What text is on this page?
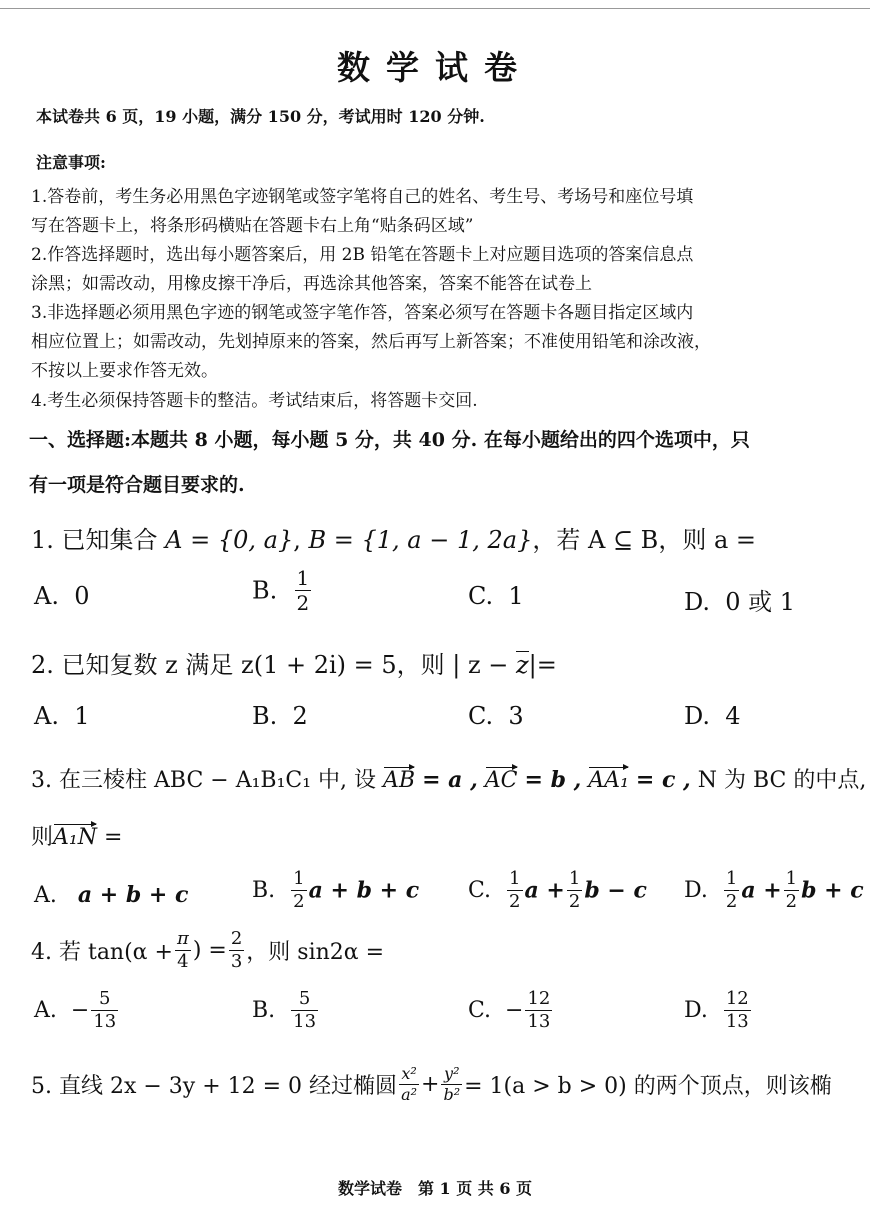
数学试卷
本试卷共 6 页，19 小题，满分 150 分，考试用时 120 分钟.
注意事项:
1.答卷前，考生务必用黑色字迹钢笔或签字笔将自己的姓名、考生号、考场号和座位号填
写在答题卡上，将条形码横贴在答题卡右上角“贴条码区域”
2.作答选择题时，选出每小题答案后，用 2B 铅笔在答题卡上对应题目选项的答案信息点
涂黑；如需改动，用橡皮擦干净后，再选涂其他答案，答案不能答在试卷上
3.非选择题必须用黑色字迹的钢笔或签字笔作答，答案必须写在答题卡各题目指定区域内
相应位置上；如需改动，先划掉原来的答案，然后再写上新答案；不准使用铅笔和涂改液，
不按以上要求作答无效。
4.考生必须保持答题卡的整洁。考试结束后，将答题卡交回.
一、选择题:本题共 8 小题，每小题 5 分，共 40 分. 在每小题给出的四个选项中，只
有一项是符合题目要求的.
1. 已知集合 A = {0, a}, B = {1, a − 1, 2a}，若 A ⊆ B，则 a =
A. 0	B. $\frac{1}{2}$	C. 1	D. 0 或 1
2. 已知复数 z 满足 z(1 + 2i) = 5，则 | z − z|=
A. 1	B. 2	C. 3	D. 4
3. 在三棱柱 ABC − A₁B₁C₁ 中, 设 AB = a , AC = b , AA₁ = c , N 为 BC 的中点,
则A₁N =
A. a + b + c	B. $\frac{1}{2}$ a + b + c C. $\frac{1}{2}$ $a + \frac{1}{2}$ b − c D. $\frac{1}{2}$ $a + \frac{1}{2}$ b + c
4. 若 $\tan(\alpha + \frac{\pi}{4}$ ) = $\frac{2}{3}$ ，则 sin2α =
A. − $\frac{5}{13}$	B. $\frac{5}{13}$	C. − $\frac{12}{13}$	D. $\frac{12}{13}$
5. 直线 2x − 3y + 12 = 0 经过椭圆 $\frac{\text{x²}}{\text{a²}} + \frac{\text{y²}}{\text{b²}} = 1(a > b > 0)$ 的两个顶点，则该椭
数学试卷　第 1 页 共 6 页
